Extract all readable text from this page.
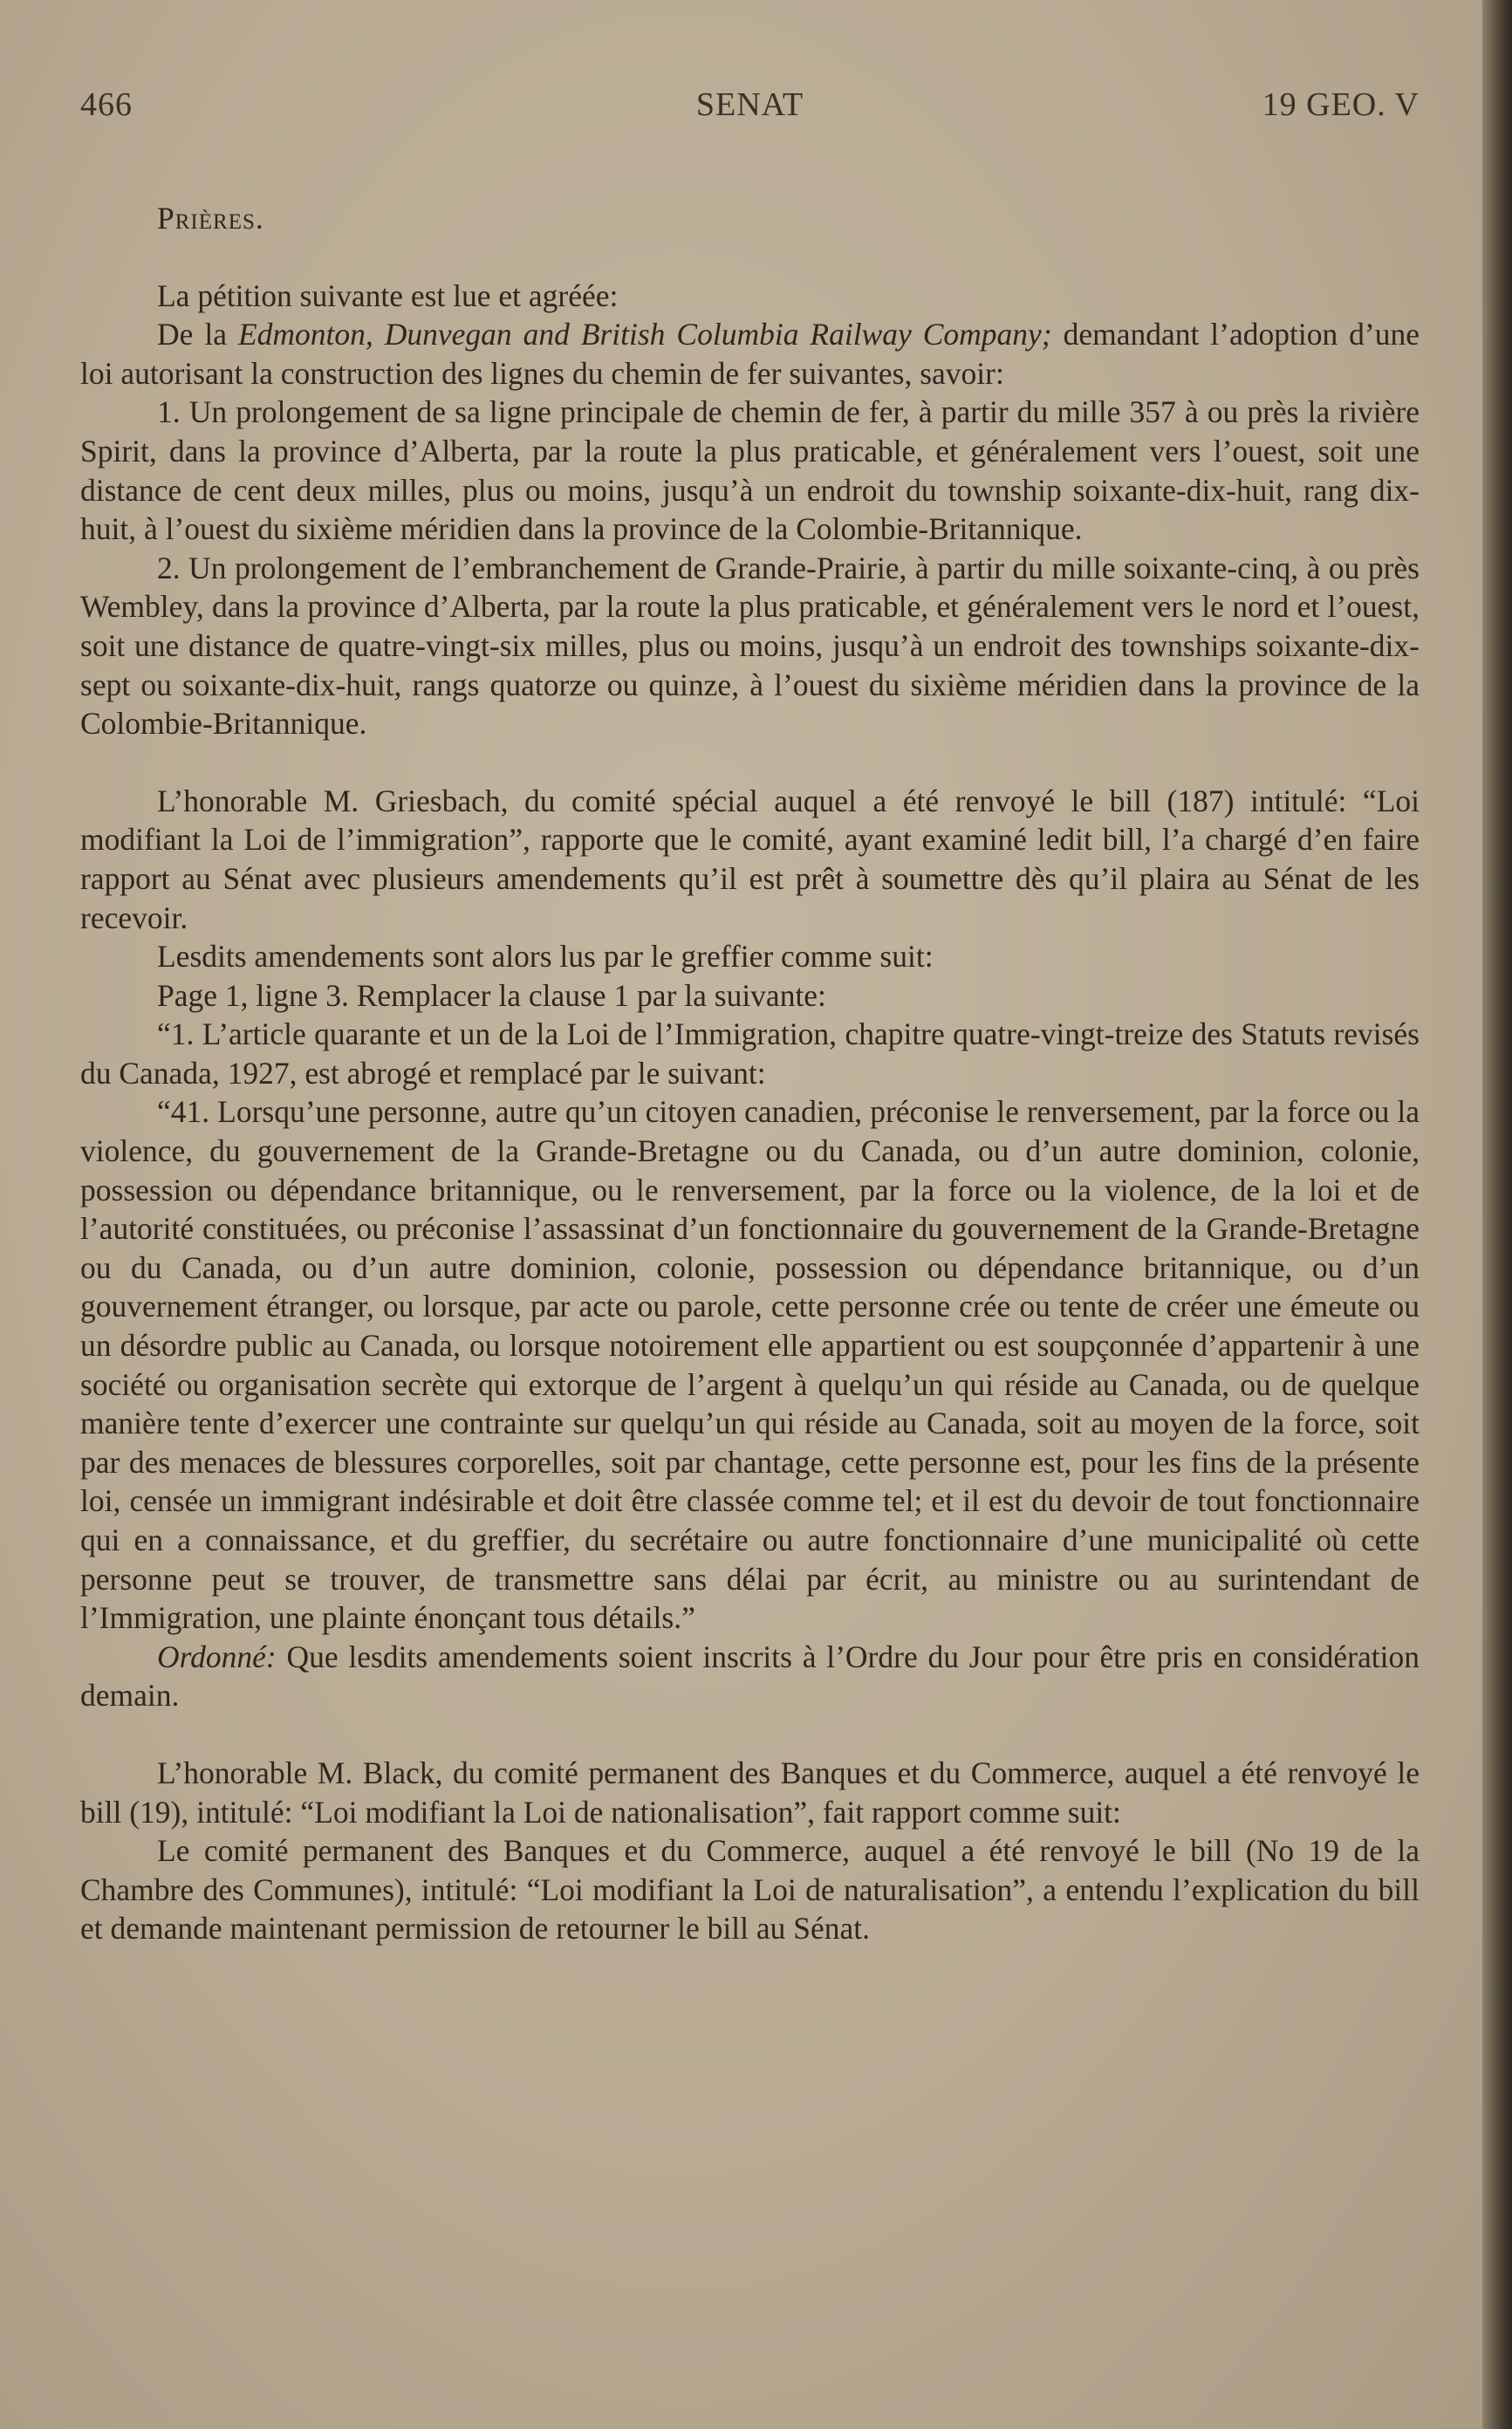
466	SENAT	19 GEO. V

Prières.

La pétition suivante est lue et agréée:

De la Edmonton, Dunvegan and British Columbia Railway Company; demandant l’adoption d’une loi autorisant la construction des lignes du chemin de fer suivantes, savoir:

1. Un prolongement de sa ligne principale de chemin de fer, à partir du mille 357 à ou près la rivière Spirit, dans la province d’Alberta, par la route la plus praticable, et généralement vers l’ouest, soit une distance de cent deux milles, plus ou moins, jusqu’à un endroit du township soixante-dix-huit, rang dix-huit, à l’ouest du sixième méridien dans la province de la Colombie-Britannique.

2. Un prolongement de l’embranchement de Grande-Prairie, à partir du mille soixante-cinq, à ou près Wembley, dans la province d’Alberta, par la route la plus praticable, et généralement vers le nord et l’ouest, soit une distance de quatre-vingt-six milles, plus ou moins, jusqu’à un endroit des townships soixante-dix-sept ou soixante-dix-huit, rangs quatorze ou quinze, à l’ouest du sixième méridien dans la province de la Colombie-Britannique.

L’honorable M. Griesbach, du comité spécial auquel a été renvoyé le bill (187) intitulé: “Loi modifiant la Loi de l’immigration”, rapporte que le comité, ayant examiné ledit bill, l’a chargé d’en faire rapport au Sénat avec plusieurs amendements qu’il est prêt à soumettre dès qu’il plaira au Sénat de les recevoir.

Lesdits amendements sont alors lus par le greffier comme suit:

Page 1, ligne 3. Remplacer la clause 1 par la suivante:

“1. L’article quarante et un de la Loi de l’Immigration, chapitre quatre-vingt-treize des Statuts revisés du Canada, 1927, est abrogé et remplacé par le suivant:

“41. Lorsqu’une personne, autre qu’un citoyen canadien, préconise le renversement, par la force ou la violence, du gouvernement de la Grande-Bretagne ou du Canada, ou d’un autre dominion, colonie, possession ou dépendance britannique, ou le renversement, par la force ou la violence, de la loi et de l’autorité constituées, ou préconise l’assassinat d’un fonctionnaire du gouvernement de la Grande-Bretagne ou du Canada, ou d’un autre dominion, colonie, possession ou dépendance britannique, ou d’un gouvernement étranger, ou lorsque, par acte ou parole, cette personne crée ou tente de créer une émeute ou un désordre public au Canada, ou lorsque notoirement elle appartient ou est soupçonnée d’appartenir à une société ou organisation secrète qui extorque de l’argent à quelqu’un qui réside au Canada, ou de quelque manière tente d’exercer une contrainte sur quelqu’un qui réside au Canada, soit au moyen de la force, soit par des menaces de blessures corporelles, soit par chantage, cette personne est, pour les fins de la présente loi, censée un immigrant indésirable et doit être classée comme tel; et il est du devoir de tout fonctionnaire qui en a connaissance, et du greffier, du secrétaire ou autre fonctionnaire d’une municipalité où cette personne peut se trouver, de transmettre sans délai par écrit, au ministre ou au surintendant de l’Immigration, une plainte énonçant tous détails.”

Ordonné: Que lesdits amendements soient inscrits à l’Ordre du Jour pour être pris en considération demain.

L’honorable M. Black, du comité permanent des Banques et du Commerce, auquel a été renvoyé le bill (19), intitulé: “Loi modifiant la Loi de nationalisation”, fait rapport comme suit:

Le comité permanent des Banques et du Commerce, auquel a été renvoyé le bill (No 19 de la Chambre des Communes), intitulé: “Loi modifiant la Loi de naturalisation”, a entendu l’explication du bill et demande maintenant permission de retourner le bill au Sénat.
